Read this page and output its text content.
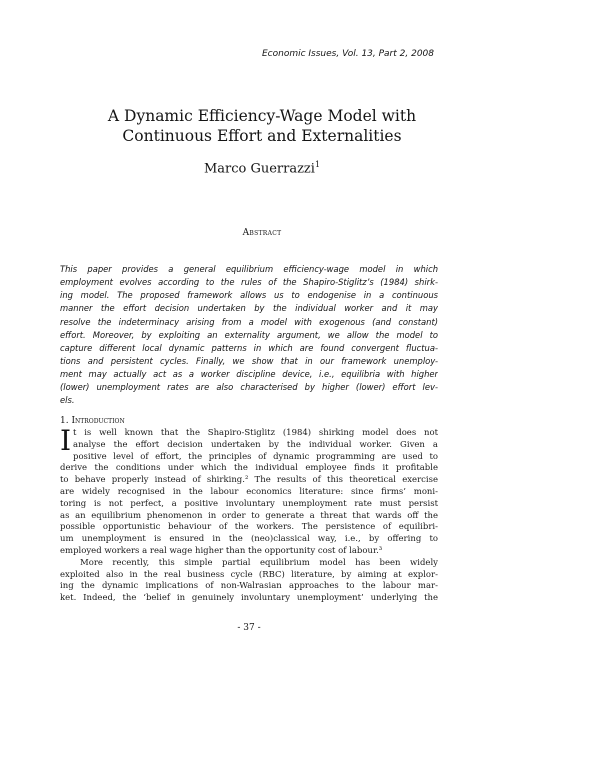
Economic Issues, Vol. 13, Part 2, 2008
A Dynamic Efficiency-Wage Model with
Continuous Effort and Externalities
Marco Guerrazzi$^1$
Abstract
This paper provides a general equilibrium efficiency-wage model in which
employment evolves according to the rules of the Shapiro-Stiglitz’s (1984) shirk-
ing model. The proposed framework allows us to endogenise in a continuous
manner the effort decision undertaken by the individual worker and it may
resolve the indeterminacy arising from a model with exogenous (and constant)
effort. Moreover, by exploiting an externality argument, we allow the model to
capture different local dynamic patterns in which are found convergent fluctua-
tions and persistent cycles. Finally, we show that in our framework unemploy-
ment may actually act as a worker discipline device, i.e., equilibria with higher
(lower) unemployment rates are also characterised by higher (lower) effort lev-
els.
1. Introduction
I t is well known that the Shapiro-Stiglitz (1984) shirking model does not
analyse the effort decision undertaken by the individual worker. Given a
positive level of effort, the principles of dynamic programming are used to
derive the conditions under which the individual employee finds it profitable
to behave properly instead of shirking.² The results of this theoretical exercise
are widely recognised in the labour economics literature: since firms’ moni-
toring is not perfect, a positive involuntary unemployment rate must persist
as an equilibrium phenomenon in order to generate a threat that wards off the
possible opportunistic behaviour of the workers. The persistence of equilibri-
um unemployment is ensured in the (neo)classical way, i.e., by offering to
employed workers a real wage higher than the opportunity cost of labour.³
More recently, this simple partial equilibrium model has been widely
exploited also in the real business cycle (RBC) literature, by aiming at explor-
ing the dynamic implications of non-Walrasian approaches to the labour mar-
ket. Indeed, the ‘belief in genuinely involuntary unemployment’ underlying the
- 37 -
